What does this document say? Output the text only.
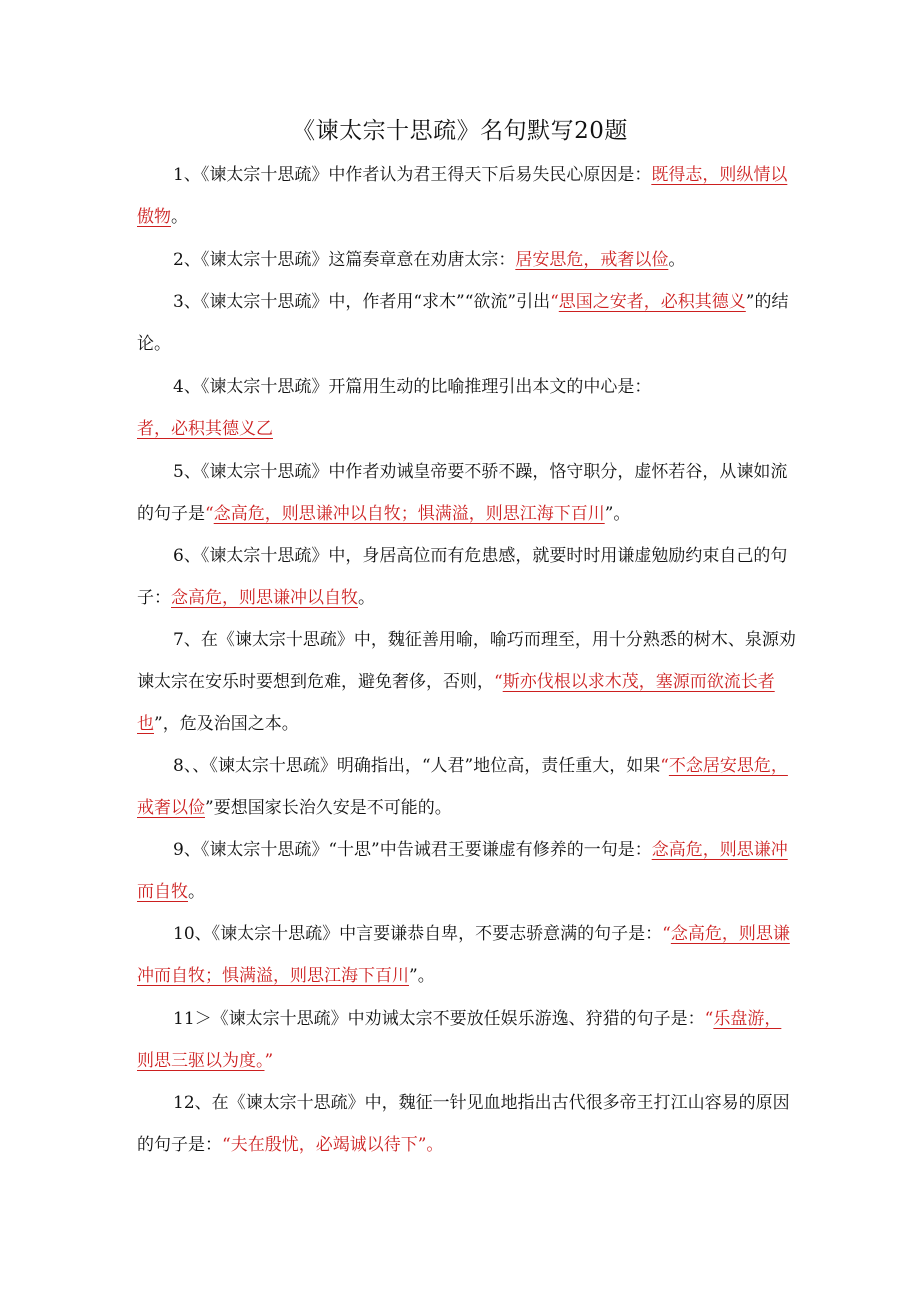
《谏太宗十思疏》名句默写20题

1、《谏太宗十思疏》中作者认为君王得天下后易失民心原因是：既得志，则纵情以傲物。

2、《谏太宗十思疏》这篇奏章意在劝唐太宗：居安思危，戒奢以俭。

3、《谏太宗十思疏》中，作者用“求木”“欲流”引出“思国之安者，必积其德义”的结论。

4、《谏太宗十思疏》开篇用生动的比喻推理引出本文的中心是：
者，必积其德义乙

5、《谏太宗十思疏》中作者劝诫皇帝要不骄不躁，恪守职分，虚怀若谷，从谏如流的句子是“念高危，则思谦冲以自牧；惧满溢，则思江海下百川”。

6、《谏太宗十思疏》中，身居高位而有危患感，就要时时用谦虚勉励约束自己的句子：念高危，则思谦冲以自牧。

7、在《谏太宗十思疏》中，魏征善用喻，喻巧而理至，用十分熟悉的树木、泉源劝谏太宗在安乐时要想到危难，避免奢侈，否则，“斯亦伐根以求木茂，塞源而欲流长者也”，危及治国之本。

8、、《谏太宗十思疏》明确指出，“人君”地位高，责任重大，如果“不念居安思危，戒奢以俭”要想国家长治久安是不可能的。

9、《谏太宗十思疏》“十思”中告诫君王要谦虚有修养的一句是：念高危，则思谦冲而自牧。

10、《谏太宗十思疏》中言要谦恭自卑，不要志骄意满的句子是：“念高危，则思谦冲而自牧；惧满溢，则思江海下百川”。

11＞《谏太宗十思疏》中劝诫太宗不要放任娱乐游逸、狩猎的句子是：“乐盘游，则思三驱以为度。”

12、在《谏太宗十思疏》中，魏征一针见血地指出古代很多帝王打江山容易的原因的句子是：“夫在殷忧，必竭诚以待下”。
